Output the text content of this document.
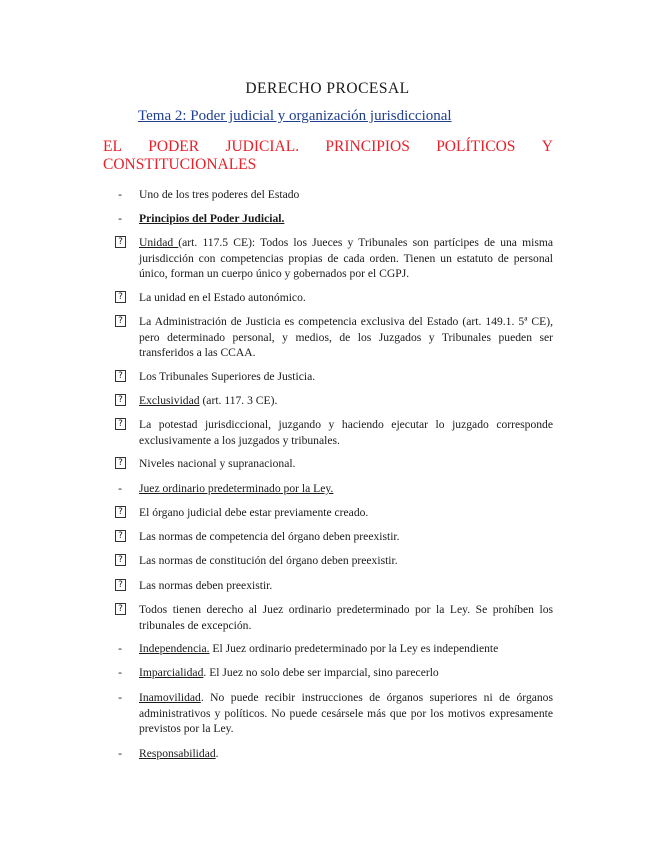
DERECHO PROCESAL
Tema 2: Poder judicial y organización jurisdiccional
EL PODER JUDICIAL. PRINCIPIOS POLÍTICOS Y
CONSTITUCIONALES
-	Uno de los tres poderes del Estado
-	Principios del Poder Judicial.
? Unidad (art. 117.5 CE): Todos los Jueces y Tribunales son partícipes de una misma jurisdicción con competencias propias de cada orden. Tienen un estatuto de personal único, forman un cuerpo único y gobernados por el CGPJ.
? La unidad en el Estado autonómico.
? La Administración de Justicia es competencia exclusiva del Estado (art. 149.1. 5ª CE), pero determinado personal, y medios, de los Juzgados y Tribunales pueden ser transferidos a las CCAA.
? Los Tribunales Superiores de Justicia.
? Exclusividad (art. 117. 3 CE).
? La potestad jurisdiccional, juzgando y haciendo ejecutar lo juzgado corresponde exclusivamente a los juzgados y tribunales.
? Niveles nacional y supranacional.
-	Juez ordinario predeterminado por la Ley.
? El órgano judicial debe estar previamente creado.
? Las normas de competencia del órgano deben preexistir.
? Las normas de constitución del órgano deben preexistir.
? Las normas deben preexistir.
? Todos tienen derecho al Juez ordinario predeterminado por la Ley. Se prohíben los tribunales de excepción.
-	Independencia. El Juez ordinario predeterminado por la Ley es independiente
-	Imparcialidad. El Juez no solo debe ser imparcial, sino parecerlo
-	Inamovilidad. No puede recibir instrucciones de órganos superiores ni de órganos administrativos y políticos. No puede cesársele más que por los motivos expresamente previstos por la Ley.
-	Responsabilidad.
